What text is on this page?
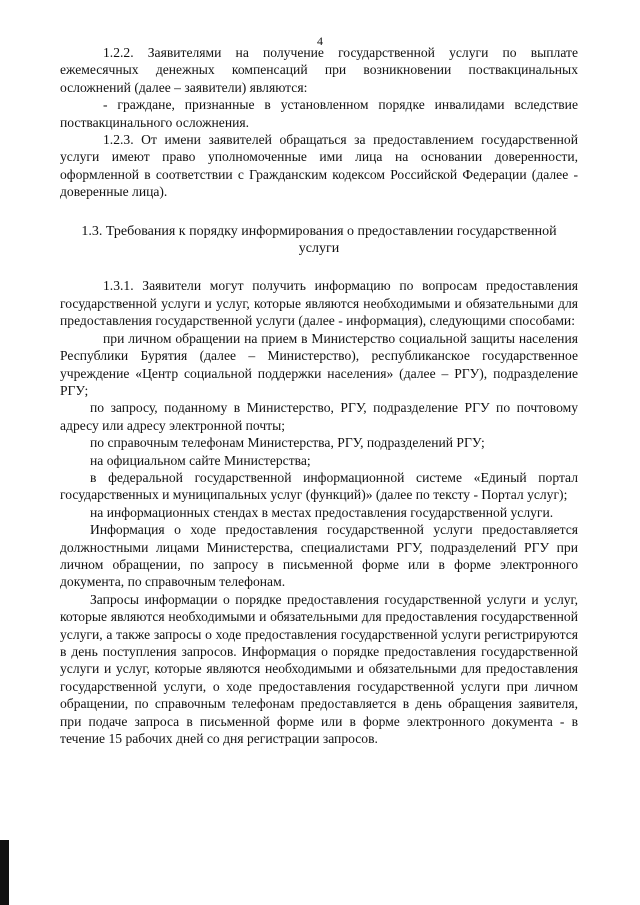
4

1.2.2. Заявителями на получение государственной услуги по выплате ежемесячных денежных компенсаций при возникновении поствакцинальных осложнений (далее – заявители) являются:

- граждане, признанные в установленном порядке инвалидами вследствие поствакцинального осложнения.

1.2.3. От имени заявителей обращаться за предоставлением государственной услуги имеют право уполномоченные ими лица на основании доверенности, оформленной в соответствии с Гражданским кодексом Российской Федерации (далее - доверенные лица).

1.3. Требования к порядку информирования о предоставлении государственной услуги

1.3.1. Заявители могут получить информацию по вопросам предоставления государственной услуги и услуг, которые являются необходимыми и обязательными для предоставления государственной услуги (далее - информация), следующими способами:

при личном обращении на прием в Министерство социальной защиты населения Республики Бурятия (далее – Министерство), республиканское государственное учреждение «Центр социальной поддержки населения» (далее – РГУ), подразделение РГУ;

по запросу, поданному в Министерство, РГУ, подразделение РГУ по почтовому адресу или адресу электронной почты;

по справочным телефонам Министерства, РГУ, подразделений РГУ;

на официальном сайте Министерства;

в федеральной государственной информационной системе «Единый портал государственных и муниципальных услуг (функций)» (далее по тексту - Портал услуг);

на информационных стендах в местах предоставления государственной услуги.

Информация о ходе предоставления государственной услуги предоставляется должностными лицами Министерства, специалистами РГУ, подразделений РГУ при личном обращении, по запросу в письменной форме или в форме электронного документа, по справочным телефонам.

Запросы информации о порядке предоставления государственной услуги и услуг, которые являются необходимыми и обязательными для предоставления государственной услуги, а также запросы о ходе предоставления государственной услуги регистрируются в день поступления запросов. Информация о порядке предоставления государственной услуги и услуг, которые являются необходимыми и обязательными для предоставления государственной услуги, о ходе предоставления государственной услуги при личном обращении, по справочным телефонам предоставляется в день обращения заявителя, при подаче запроса в письменной форме или в форме электронного документа - в течение 15 рабочих дней со дня регистрации запросов.
